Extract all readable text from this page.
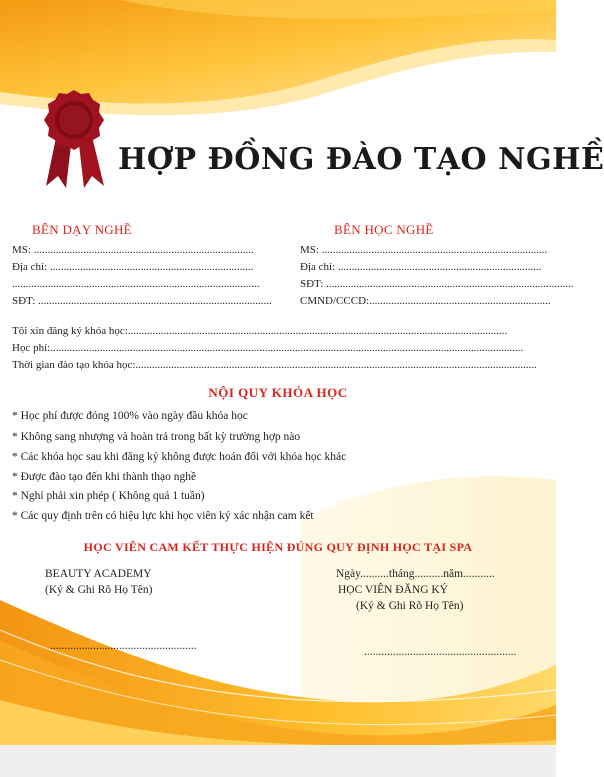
HỢP ĐỒNG ĐÀO TẠO NGHỀ
BÊN DẠY NGHỀ
MS: ................................................................................
Địa chỉ: ..........................................................................
..........................................................................................
SĐT: .....................................................................................
BÊN HỌC NGHỀ
MS: ..................................................................................
Địa chỉ: ..........................................................................
SĐT: ..........................................................................................
CMND/CCCD:..................................................................
Tôi xin đăng ký khóa học:..........................................................................................................................................
Học phí:............................................................................................................................................................................
Thời gian đào tạo khóa học:..................................................................................................................................................
NỘI QUY KHÓA HỌC
* Học phí được đóng 100% vào ngày đầu khóa học
* Không sang nhượng và hoàn trả trong bất kỳ trường hợp nào
* Các khóa học sau khi đăng ký không được hoán đổi với khóa học khác
* Được đào tạo đến khi thành thạo nghề
* Nghỉ phải xin phép ( Không quá 1 tuần)
* Các quy định trên có hiệu lực khi học viên ký xác nhận cam kết
HỌC VIÊN CAM KẾT THỰC HIỆN ĐÚNG QUY ĐỊNH HỌC TẠI SPA
BEAUTY ACADEMY
(Ký & Ghi Rõ Họ Tên)
...................................................
Ngày..........tháng..........năm...........
HỌC VIÊN ĐĂNG KÝ
(Ký & Ghi Rõ Họ Tên)
.....................................................
